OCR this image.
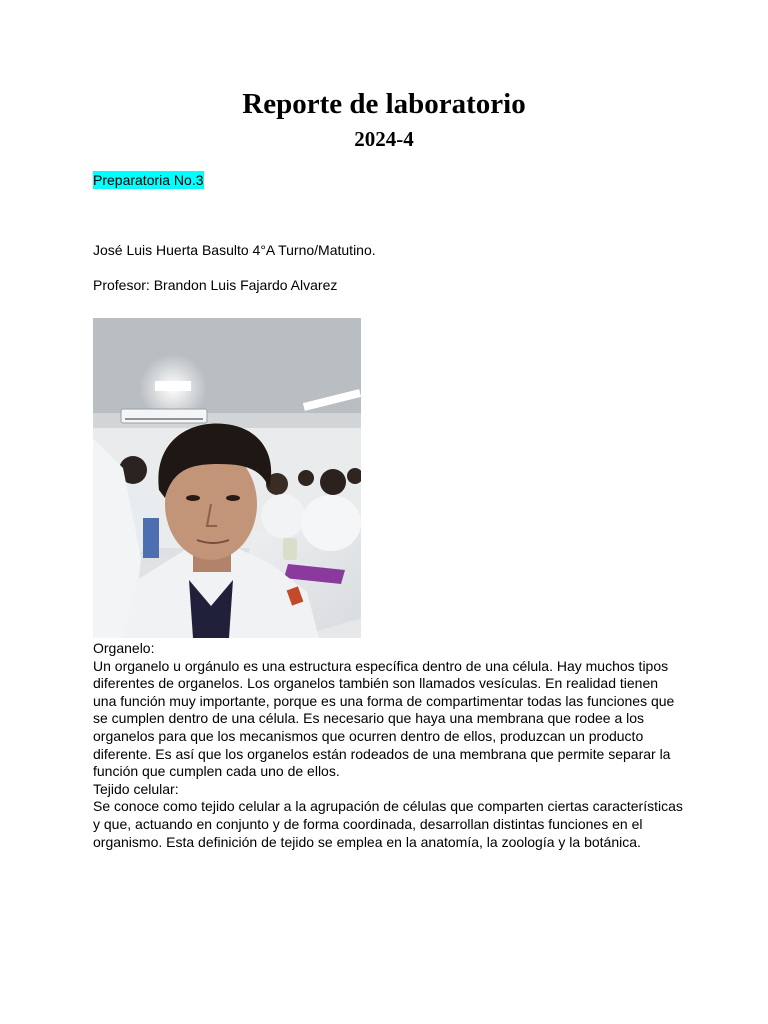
Reporte de laboratorio
2024-4
Preparatoria No.3
José Luis Huerta Basulto 4°A Turno/Matutino.
Profesor: Brandon Luis Fajardo Alvarez

Organelo:

Un organelo u orgánulo es una estructura específica dentro de una célula. Hay muchos tipos diferentes de organelos. Los organelos también son llamados vesículas. En realidad tienen una función muy importante, porque es una forma de compartimentar todas las funciones que se cumplen dentro de una célula. Es necesario que haya una membrana que rodee a los organelos para que los mecanismos que ocurren dentro de ellos, produzcan un producto diferente. Es así que los organelos están rodeados de una membrana que permite separar la función que cumplen cada uno de ellos.

Tejido celular:

Se conoce como tejido celular a la agrupación de células que comparten ciertas características y que, actuando en conjunto y de forma coordinada, desarrollan distintas funciones en el organismo. Esta definición de tejido se emplea en la anatomía, la zoología y la botánica.
